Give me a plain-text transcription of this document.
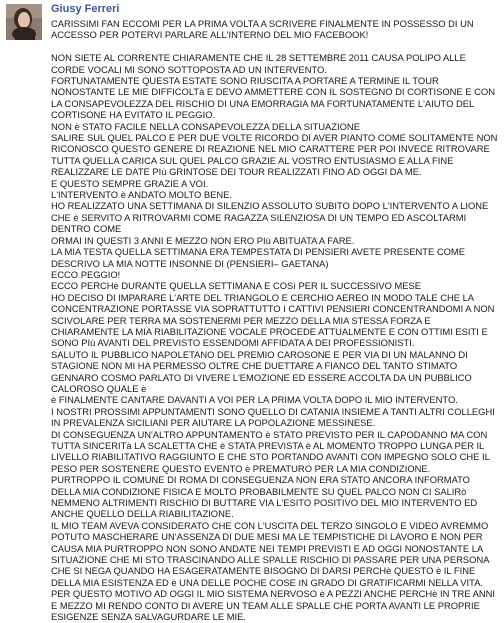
Giusy Ferreri

CARISSIMI FAN ECCOMI PER LA PRIMA VOLTA A SCRIVERE FINALMENTE IN POSSESSO DI UN ACCESSO PER POTERVI PARLARE ALL'INTERNO DEL MIO FACEBOOK!

NON SIETE AL CORRENTE CHIARAMENTE CHE IL 28 SETTEMBRE 2011 CAUSA POLIPO ALLE CORDE VOCALI MI SONO SOTTOPOSTA AD UN INTERVENTO.

FORTUNATAMENTE QUESTA ESTATE SONO RIUSCITA A PORTARE A TERMINE IL TOUR NONOSTANTE LE MIE DIFFICOLTà E DEVO AMMETTERE CON IL SOSTEGNO DI CORTISONE E CON LA CONSAPEVOLEZZA DEL RISCHIO DI UNA EMORRAGIA MA FORTUNATAMENTE L'AIUTO DEL CORTISONE HA EVITATO IL PEGGIO.

NON è STATO FACILE NELLA CONSAPEVOLEZZA DELLA SITUAZIONE

SALIRE SUL QUEL PALCO E PER DUE VOLTE RICORDO DI AVER PIANTO COME SOLITAMENTE NON RICONOSCO QUESTO GENERE DI REAZIONE NEL MIO CARATTERE PER POI INVECE RITROVARE TUTTA QUELLA CARICA SUL QUEL PALCO GRAZIE AL VOSTRO ENTUSIASMO E ALLA FINE REALIZZARE LE DATE PIù GRINTOSE DEI TOUR REALIZZATI FINO AD OGGI DA ME.

E QUESTO SEMPRE GRAZIE A VOI.

L'INTERVENTO è ANDATO MOLTO BENE.

HO REALIZZATO UNA SETTIMANA DI SILENZIO ASSOLUTO SUBITO DOPO L'INTERVENTO A LIONE CHE è SERVITO A RITROVARMI COME RAGAZZA SILENZIOSA DI UN TEMPO ED ASCOLTARMI DENTRO COME

ORMAI IN QUESTI 3 ANNI E MEZZO NON ERO PIù ABITUATA A FARE.

LA MIA TESTA QUELLA SETTIMANA ERA TEMPESTATA DI PENSIERI AVETE PRESENTE COME DESCRIVO LA MIA NOTTE INSONNE DI (PENSIERI– GAETANA)

ECCO PEGGIO!

ECCO PERCHè DURANTE QUELLA SETTIMANA E COSì PER IL SUCCESSIVO MESE

HO DECISO DI IMPARARE L'ARTE DEL TRIANGOLO E CERCHIO AEREO IN MODO TALE CHE LA CONCENTRAZIONE PORTASSE VIA SOPRATTUTTO I CATTIVI PENSIERI CONCENTRANDOMI A NON SCIVOLARE PER TERRA MA SOSTENERMI PER MEZZO DELLA MIA STESSA FORZA E CHIARAMENTE LA MIA RIABILITAZIONE VOCALE PROCEDE ATTUALMENTE E CON OTTIMI ESITI E SONO PIù AVANTI DEL PREVISTO ESSENDOMI AFFIDATA A DEI PROFESSIONISTI.

SALUTO IL PUBBLICO NAPOLETANO DEL PREMIO CAROSONE E PER VIA DI UN MALANNO DI STAGIONE NON MI HA PERMESSO OLTRE CHE DUETTARE A FIANCO DEL TANTO STIMATO GENNARO COSMO PARLATO DI VIVERE L'EMOZIONE ED ESSERE ACCOLTA DA UN PUBBLICO CALOROSO QUALE è

è FINALMENTE CANTARE DAVANTI A VOI PER LA PRIMA VOLTA DOPO IL MIO INTERVENTO.

I NOSTRI PROSSIMI APPUNTAMENTI SONO QUELLO DI CATANIA INSIEME A TANTI ALTRI COLLEGHI IN PREVALENZA SICILIANI PER AIUTARE LA POPOLAZIONE MESSINESE.

DI CONSEGUENZA UN'ALTRO APPUNTAMENTO è STATO PREVISTO PER IL CAPODANNO MA CON TUTTA SINCERITà LA SCALETTA CHE è STATA PREVISTA è AL MOMENTO TROPPO LUNGA PER IL LIVELLO RIABILITATIVO RAGGIUNTO E CHE STO PORTANDO AVANTI CON IMPEGNO SOLO CHE IL PESO PER SOSTENERE QUESTO EVENTO è PREMATURO PER LA MIA CONDIZIONE.

PURTROPPO IL COMUNE DI ROMA DI CONSEGUENZA NON ERA STATO ANCORA INFORMATO DELLA MIA CONDIZIONE FISICA E MOLTO PROBABILMENTE SU QUEL PALCO NON CI SALIRò NEMMENO ALTRIMENTI RISCHIO DI BUTTARE VIA L'ESITO POSITIVO DEL MIO INTERVENTO ED ANCHE QUELLO DELLA RIABILITAZIONE.

IL MIO TEAM AVEVA CONSIDERATO CHE CON L'USCITA DEL TERZO SINGOLO E VIDEO AVREMMO POTUTO MASCHERARE UN'ASSENZA DI DUE MESI MA LE TEMPISTICHE DI LAVORO E NON PER CAUSA MIA PURTROPPO NON SONO ANDATE NEI TEMPI PREVISTI E AD OGGI NONOSTANTE LA SITUAZIONE CHE MI STO TRASCINANDO ALLE SPALLE RISCHIO DI PASSARE PER UNA PERSONA CHE SI NEGA QUANDO HA ESAGERATAMENTE BISOGNO DI DARSI PERCHè QUESTO è IL FINE DELLA MIA ESISTENZA ED è UNA DELLE POCHE COSE IN GRADO DI GRATIFICARMI NELLA VITA.

PER QUESTO MOTIVO AD OGGI IL MIO SISTEMA NERVOSO è A PEZZI ANCHE PERCHè IN TRE ANNI E MEZZO MI RENDO CONTO DI AVERE UN TEAM ALLE SPALLE CHE PORTA AVANTI LE PROPRIE ESIGENZE SENZA SALVAGURDARE LE MIE.
